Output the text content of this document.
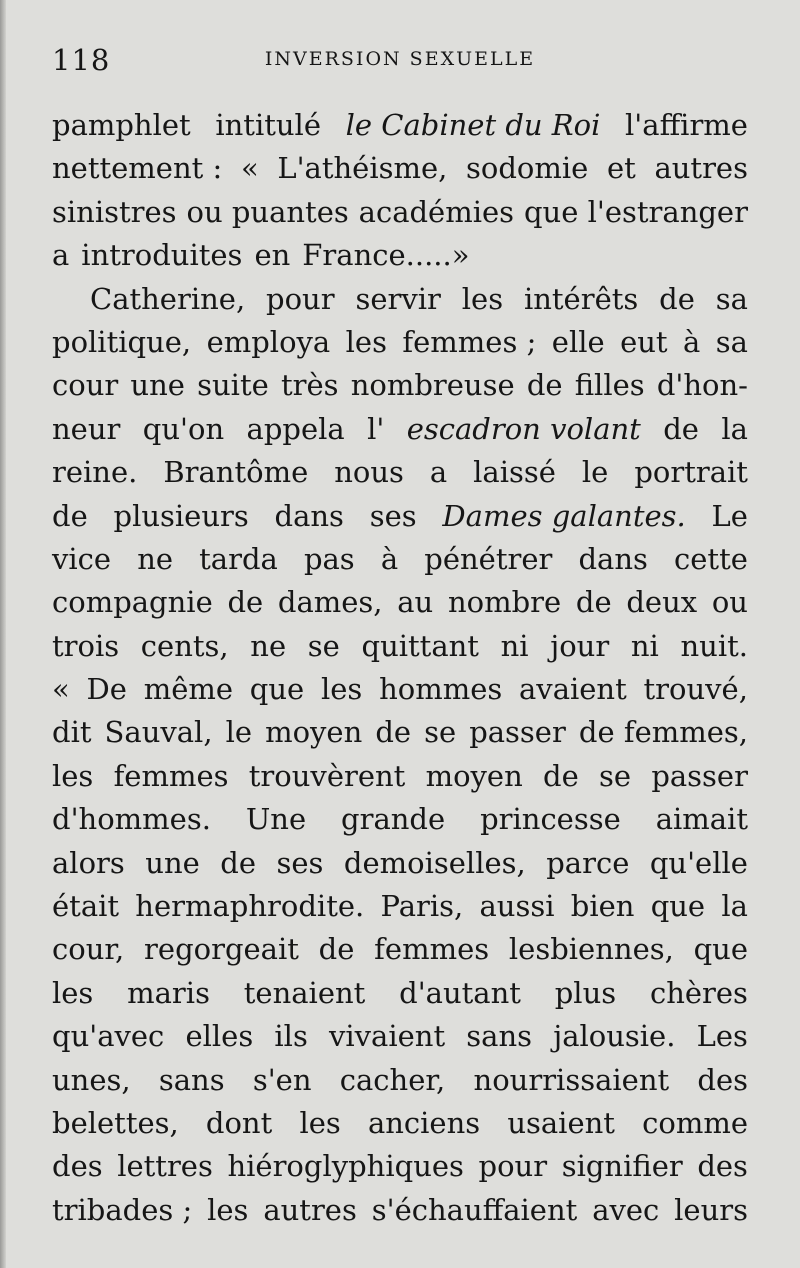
118	INVERSION SEXUELLE
pamphlet intitulé le Cabinet du Roi l'affirme
nettement : « L'athéisme, sodomie et autres
sinistres ou puantes académies que l'estranger
a introduites en France.....»
Catherine, pour servir les intérêts de sa
politique, employa les femmes ; elle eut à sa
cour une suite très nombreuse de filles d'hon-
neur qu'on appela l' escadron volant de la
reine. Brantôme nous a laissé le portrait
de plusieurs dans ses Dames galantes. Le
vice ne tarda pas à pénétrer dans cette
compagnie de dames, au nombre de deux ou
trois cents, ne se quittant ni jour ni nuit.
« De même que les hommes avaient trouvé,
dit Sauval, le moyen de se passer de femmes,
les femmes trouvèrent moyen de se passer
d'hommes. Une grande princesse aimait
alors une de ses demoiselles, parce qu'elle
était hermaphrodite. Paris, aussi bien que la
cour, regorgeait de femmes lesbiennes, que
les maris tenaient d'autant plus chères
qu'avec elles ils vivaient sans jalousie. Les
unes, sans s'en cacher, nourrissaient des
belettes, dont les anciens usaient comme
des lettres hiéroglyphiques pour signifier des
tribades ; les autres s'échauffaient avec leurs
